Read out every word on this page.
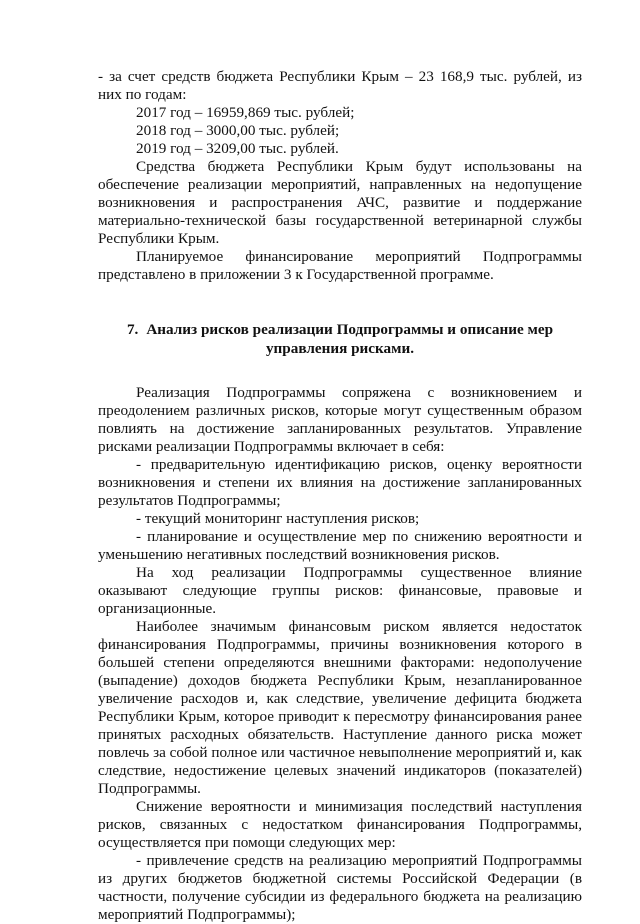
- за счет средств бюджета Республики Крым – 23 168,9 тыс. рублей, из них по годам:

2017 год – 16959,869 тыс. рублей;

2018 год – 3000,00 тыс. рублей;

2019 год – 3209,00 тыс. рублей.

Средства бюджета Республики Крым будут использованы на обеспечение реализации мероприятий, направленных на недопущение возникновения и распространения АЧС, развитие и поддержание материально-технической базы государственной ветеринарной службы Республики Крым.

Планируемое финансирование мероприятий Подпрограммы представлено в приложении 3 к Государственной программе.

7. Анализ рисков реализации Подпрограммы и описание мер управления рисками.

Реализация Подпрограммы сопряжена с возникновением и преодолением различных рисков, которые могут существенным образом повлиять на достижение запланированных результатов. Управление рисками реализации Подпрограммы включает в себя:

- предварительную идентификацию рисков, оценку вероятности возникновения и степени их влияния на достижение запланированных результатов Подпрограммы;

- текущий мониторинг наступления рисков;

- планирование и осуществление мер по снижению вероятности и уменьшению негативных последствий возникновения рисков.

На ход реализации Подпрограммы существенное влияние оказывают следующие группы рисков: финансовые, правовые и организационные.

Наиболее значимым финансовым риском является недостаток финансирования Подпрограммы, причины возникновения которого в большей степени определяются внешними факторами: недополучение (выпадение) доходов бюджета Республики Крым, незапланированное увеличение расходов и, как следствие, увеличение дефицита бюджета Республики Крым, которое приводит к пересмотру финансирования ранее принятых расходных обязательств. Наступление данного риска может повлечь за собой полное или частичное невыполнение мероприятий и, как следствие, недостижение целевых значений индикаторов (показателей) Подпрограммы.

Снижение вероятности и минимизация последствий наступления рисков, связанных с недостатком финансирования Подпрограммы, осуществляется при помощи следующих мер:

- привлечение средств на реализацию мероприятий Подпрограммы из других бюджетов бюджетной системы Российской Федерации (в частности, получение субсидии из федерального бюджета на реализацию мероприятий Подпрограммы);
